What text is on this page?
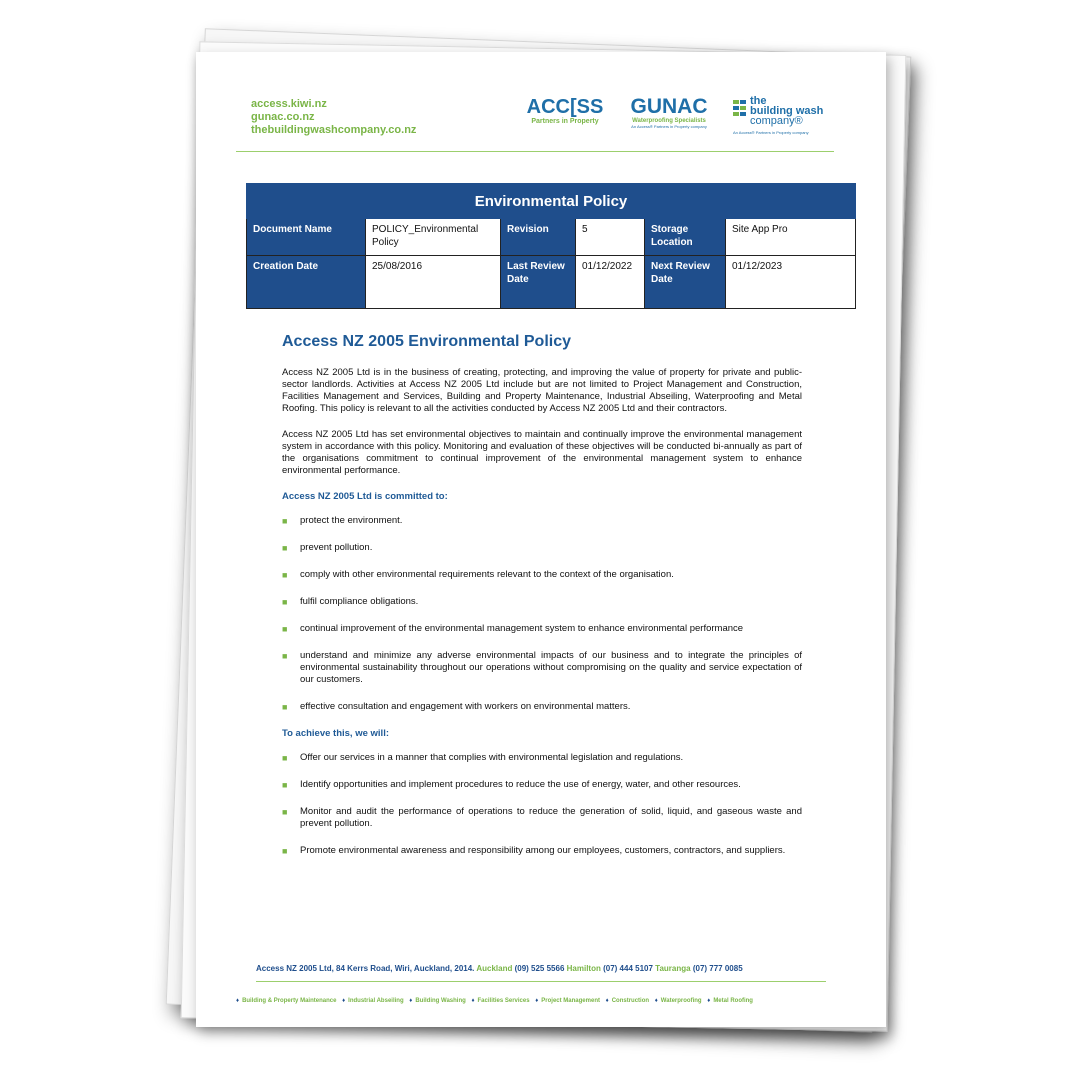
access.kiwi.nz
gunac.co.nz
thebuildingwashcompany.co.nz
ACC[SS
Partners in Property
GUNAC
Waterproofing Specialists
An Access® Partners in Property company
the
building wash
company®
An Access® Partners in Property company
Environmental Policy					
Document Name	POLICY_Environmental Policy	Revision	5	Storage Location	Site App Pro
Creation Date	25/08/2016	Last Review Date	01/12/2022	Next Review Date	01/12/2023
Access NZ 2005 Environmental Policy

Access NZ 2005 Ltd is in the business of creating, protecting, and improving the value of property for private and public-sector landlords. Activities at Access NZ 2005 Ltd include but are not limited to Project Management and Construction, Facilities Management and Services, Building and Property Maintenance, Industrial Abseiling, Waterproofing and Metal Roofing. This policy is relevant to all the activities conducted by Access NZ 2005 Ltd and their contractors.

Access NZ 2005 Ltd has set environmental objectives to maintain and continually improve the environmental management system in accordance with this policy. Monitoring and evaluation of these objectives will be conducted bi-annually as part of the organisations commitment to continual improvement of the environmental management system to enhance environmental performance.

Access NZ 2005 Ltd is committed to:
■ protect the environment.
■ prevent pollution.
■ comply with other environmental requirements relevant to the context of the organisation.
■ fulfil compliance obligations.
■ continual improvement of the environmental management system to enhance environmental performance
■ understand and minimize any adverse environmental impacts of our business and to integrate the principles of environmental sustainability throughout our operations without compromising on the quality and service expectation of our customers.
■ effective consultation and engagement with workers on environmental matters.
To achieve this, we will:
■ Offer our services in a manner that complies with environmental legislation and regulations.
■ Identify opportunities and implement procedures to reduce the use of energy, water, and other resources.
■ Monitor and audit the performance of operations to reduce the generation of solid, liquid, and gaseous waste and prevent pollution.
■ Promote environmental awareness and responsibility among our employees, customers, contractors, and suppliers.
Access NZ 2005 Ltd, 84 Kerrs Road, Wiri, Auckland, 2014. Auckland (09) 525 5566 Hamilton (07) 444 5107 Tauranga (07) 777 0085
♦ Building & Property Maintenance ♦ Industrial Abseiling ♦ Building Washing ♦ Facilities Services ♦ Project Management ♦ Construction ♦ Waterproofing ♦ Metal Roofing
